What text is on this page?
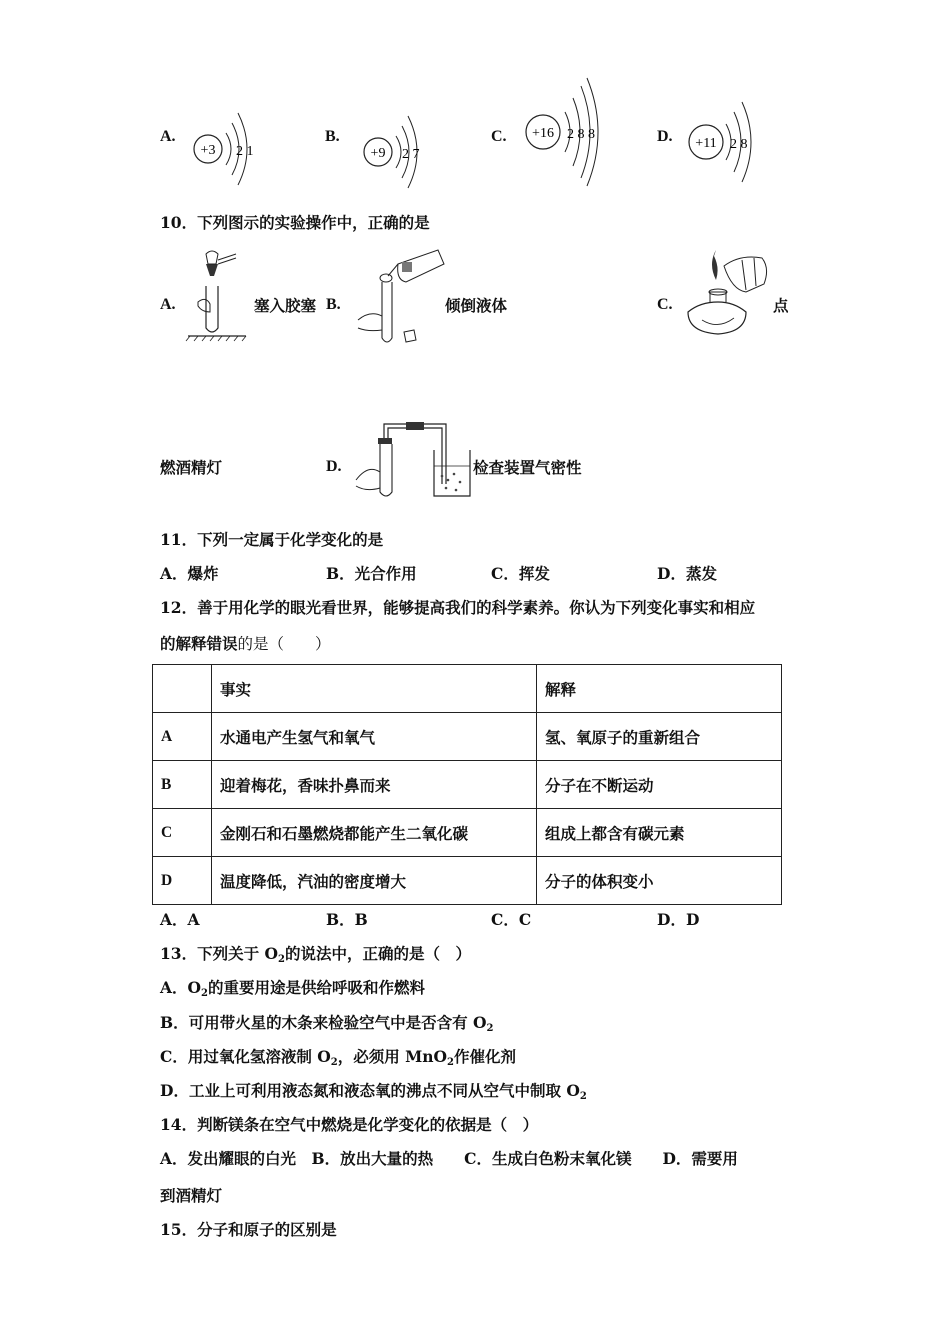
A.
+3 2 1
B.
+9 2 7
C. +16 2 8 8	D. +11 2 8
10．下列图示的实验操作中，正确的是
A.	塞入胶塞 B.	倾倒液体	C.	点
燃酒精灯	D.	检查装置气密性
11．下列一定属于化学变化的是
A．爆炸	B．光合作用	C．挥发	D．蒸发
12．善于用化学的眼光看世界，能够提高我们的科学素养。你认为下列变化事实和相应
的解释错误的是（　　）
	事实	解释
A	水通电产生氢气和氧气	氢、氧原子的重新组合
B	迎着梅花，香味扑鼻而来	分子在不断运动
C	金刚石和石墨燃烧都能产生二氧化碳	组成上都含有碳元素
D	温度降低，汽油的密度增大	分子的体积变小
A．A	B．B	C．C	D．D
13．下列关于 $O_2$的说法中，正确的是（　）
A．$O_2$的重要用途是供给呼吸和作燃料
B．可用带火星的木条来检验空气中是否含有 $O_2$
C．用过氧化氢溶液制 $O_2$，必须用 MnO$_2$作催化剂
D．工业上可利用液态氮和液态氧的沸点不同从空气中制取 $O_2$
14．判断镁条在空气中燃烧是化学变化的依据是（　）
A．发出耀眼的白光　B．放出大量的热　　C．生成白色粉末氧化镁　　D．需要用
到酒精灯
15．分子和原子的区别是
